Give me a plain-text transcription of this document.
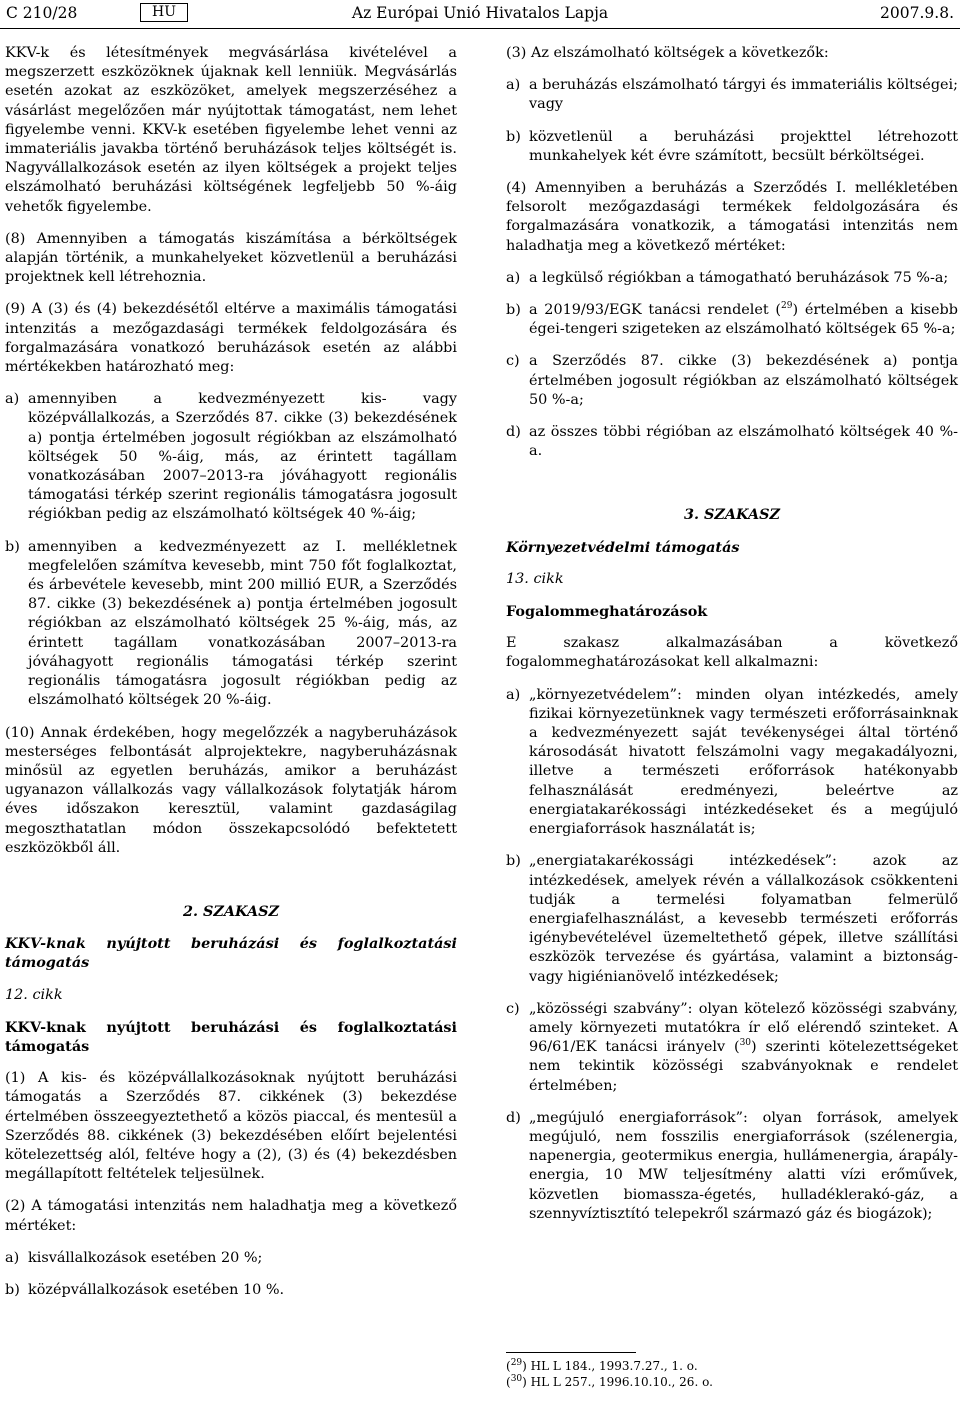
C 210/28	HU	Az Európai Unió Hivatalos Lapja	2007.9.8.

KKV-k és létesítmények megvásárlása kivételével a megszerzett eszközöknek újaknak kell lenniük. Megvásárlás esetén azokat az eszközöket, amelyek megszerzéséhez a vásárlást megelőzően már nyújtottak támogatást, nem lehet figyelembe venni. KKV-k esetében figyelembe lehet venni az immateriális javakba történő beruházások teljes költségét is. Nagyvállalkozások esetén az ilyen költségek a projekt teljes elszámolható beruházási költségének legfeljebb 50 %-áig vehetők figyelembe.

(8) Amennyiben a támogatás kiszámítása a bérköltségek alapján történik, a munkahelyeket közvetlenül a beruházási projektnek kell létrehoznia.

(9) A (3) és (4) bekezdésétől eltérve a maximális támogatási intenzitás a mezőgazdasági termékek feldolgozására és forgalmazására vonatkozó beruházások esetén az alábbi mértékekben határozható meg:

a) amennyiben a kedvezményezett kis- vagy középvállalkozás, a Szerződés 87. cikke (3) bekezdésének a) pontja értelmében jogosult régiókban az elszámolható költségek 50 %-áig, más, az érintett tagállam vonatkozásában 2007–2013-ra jóváhagyott regionális támogatási térkép szerint regionális támogatásra jogosult régiókban pedig az elszámolható költségek 40 %-áig;
b) amennyiben a kedvezményezett az I. mellékletnek megfelelően számítva kevesebb, mint 750 főt foglalkoztat, és árbevétele kevesebb, mint 200 millió EUR, a Szerződés 87. cikke (3) bekezdésének a) pontja értelmében jogosult régiókban az elszámolható költségek 25 %-áig, más, az érintett tagállam vonatkozásában 2007–2013-ra jóváhagyott regionális támogatási térkép szerint regionális támogatásra jogosult régiókban pedig az elszámolható költségek 20 %-áig.

(10) Annak érdekében, hogy megelőzzék a nagyberuházások mesterséges felbontását alprojektekre, nagyberuházásnak minősül az egyetlen beruházás, amikor a beruházást ugyanazon vállalkozás vagy vállalkozások folytatják három éves időszakon keresztül, valamint gazdaságilag megoszthatatlan módon összekapcsolódó befektetett eszközökből áll.

2. SZAKASZ

KKV-knak nyújtott beruházási és foglalkoztatási támogatás

12. cikk

KKV-knak nyújtott beruházási és foglalkoztatási támogatás

(1) A kis- és középvállalkozásoknak nyújtott beruházási támogatás a Szerződés 87. cikkének (3) bekezdése értelmében összeegyeztethető a közös piaccal, és mentesül a Szerződés 88. cikkének (3) bekezdésében előírt bejelentési kötelezettség alól, feltéve hogy a (2), (3) és (4) bekezdésben megállapított feltételek teljesülnek.

(2) A támogatási intenzitás nem haladhatja meg a következő mértéket:

a) kisvállalkozások esetében 20 %;
b) középvállalkozások esetében 10 %.

(3) Az elszámolható költségek a következők:

a) a beruházás elszámolható tárgyi és immateriális költségei; vagy
b) közvetlenül a beruházási projekttel létrehozott munkahelyek két évre számított, becsült bérköltségei.

(4) Amennyiben a beruházás a Szerződés I. mellékletében felsorolt mezőgazdasági termékek feldolgozására és forgalmazására vonatkozik, a támogatási intenzitás nem haladhatja meg a következő mértéket:

a) a legkülső régiókban a támogatható beruházások 75 %-a;
b) a 2019/93/EGK tanácsi rendelet ($^{29}$) értelmében a kisebb égei-tengeri szigeteken az elszámolható költségek 65 %-a;
c) a Szerződés 87. cikke (3) bekezdésének a) pontja értelmében jogosult régiókban az elszámolható költségek 50 %-a;
d) az összes többi régióban az elszámolható költségek 40 %-a.

3. SZAKASZ

Környezetvédelmi támogatás

13. cikk

Fogalommeghatározások

E szakasz alkalmazásában a következő fogalommeghatározásokat kell alkalmazni:

a) „környezetvédelem”: minden olyan intézkedés, amely fizikai környezetünknek vagy természeti erőforrásainknak a kedvezményezett saját tevékenységei által történő károsodását hivatott felszámolni vagy megakadályozni, illetve a természeti erőforrások hatékonyabb felhasználását eredményezi, beleértve az energiatakarékossági intézkedéseket és a megújuló energiaforrások használatát is;
b) „energiatakarékossági intézkedések”: azok az intézkedések, amelyek révén a vállalkozások csökkenteni tudják a termelési folyamatban felmerülő energiafelhasználást, a kevesebb természeti erőforrás igénybevételével üzemeltethető gépek, illetve szállítási eszközök tervezése és gyártása, valamint a biztonság- vagy higiénianövelő intézkedések;
c) „közösségi szabvány”: olyan kötelező közösségi szabvány, amely környezeti mutatókra ír elő elérendő szinteket. A 96/61/EK tanácsi irányelv ($^{30}$) szerinti kötelezettségeket nem tekintik közösségi szabványoknak e rendelet értelmében;
d) „megújuló energiaforrások”: olyan források, amelyek megújuló, nem fosszilis energiaforrások (szélenergia, napenergia, geotermikus energia, hullámenergia, árapály-energia, 10 MW teljesítmény alatti vízi erőművek, közvetlen biomassza-égetés, hulladéklerakó-gáz, a szennyvíztisztító telepekről származó gáz és biogázok);
($^{29}$) HL L 184., 1993.7.27., 1. o.
($^{30}$) HL L 257., 1996.10.10., 26. o.
